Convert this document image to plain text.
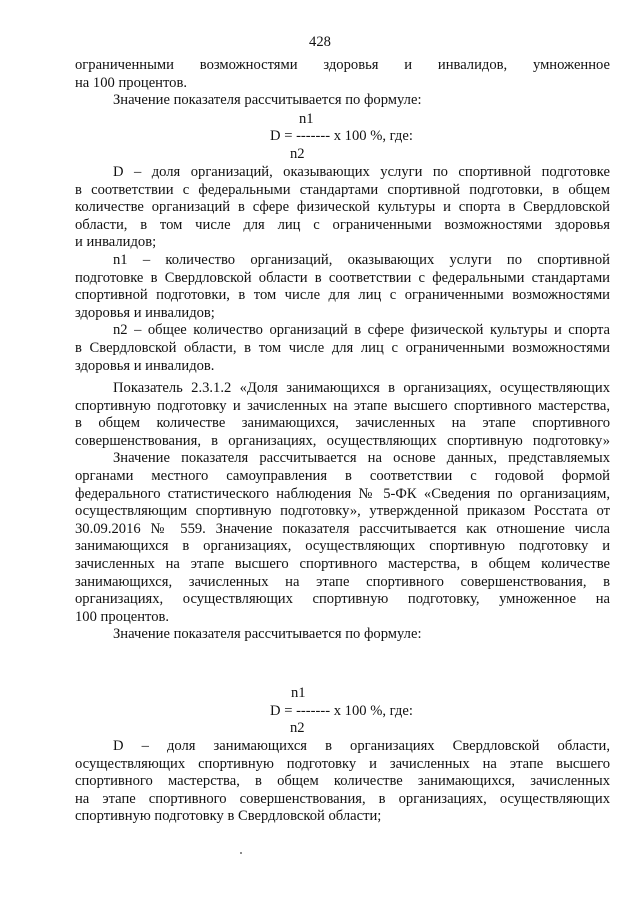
428
ограниченными возможностями здоровья и инвалидов, умноженное
на 100 процентов.
Значение показателя рассчитывается по формуле:
n1
D = ------- х 100 %, где:
n2
D – доля организаций, оказывающих услуги по спортивной подготовке
в соответствии с федеральными стандартами спортивной подготовки, в общем
количестве организаций в сфере физической культуры и спорта в Свердловской
области, в том числе для лиц с ограниченными возможностями здоровья
и инвалидов;
n1 – количество организаций, оказывающих услуги по спортивной
подготовке в Свердловской области в соответствии с федеральными стандартами
спортивной подготовки, в том числе для лиц с ограниченными возможностями
здоровья и инвалидов;
n2 – общее количество организаций в сфере физической культуры и спорта
в Свердловской области, в том числе для лиц с ограниченными возможностями
здоровья и инвалидов.
Показатель 2.3.1.2 «Доля занимающихся в организациях, осуществляющих
спортивную подготовку и зачисленных на этапе высшего спортивного мастерства,
в общем количестве занимающихся, зачисленных на этапе спортивного
совершенствования, в организациях, осуществляющих спортивную подготовку»
Значение показателя рассчитывается на основе данных, представляемых
органами местного самоуправления в соответствии с годовой формой
федерального статистического наблюдения № 5-ФК «Сведения по организациям,
осуществляющим спортивную подготовку», утвержденной приказом Росстата от
30.09.2016 № 559. Значение показателя рассчитывается как отношение числа
занимающихся в организациях, осуществляющих спортивную подготовку и
зачисленных на этапе высшего спортивного мастерства, в общем количестве
занимающихся, зачисленных на этапе спортивного совершенствования, в
организациях, осуществляющих спортивную подготовку, умноженное на
100 процентов.
Значение показателя рассчитывается по формуле:
n1
D = ------- х 100 %, где:
n2
D – доля занимающихся в организациях Свердловской области,
осуществляющих спортивную подготовку и зачисленных на этапе высшего
спортивного мастерства, в общем количестве занимающихся, зачисленных
на этапе спортивного совершенствования, в организациях, осуществляющих
спортивную подготовку в Свердловской области;
